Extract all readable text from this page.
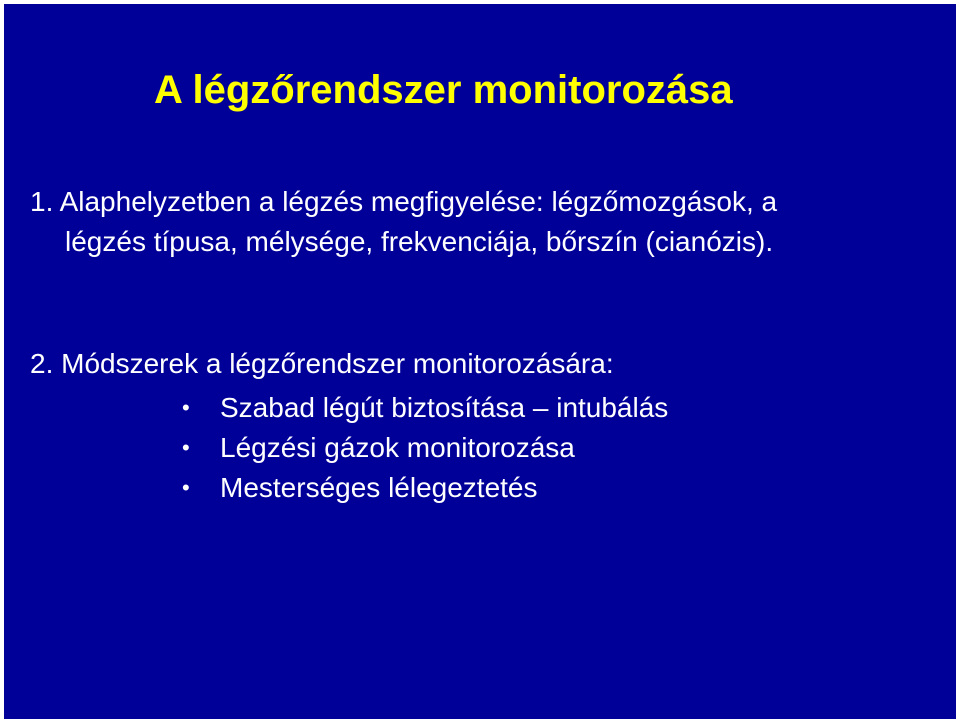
A légzőrendszer monitorozása
1. Alaphelyzetben a légzés megfigyelése: légzőmozgások, a
légzés típusa, mélysége, frekvenciája, bőrszín (cianózis).
2. Módszerek a légzőrendszer monitorozására:
• Szabad légút biztosítása – intubálás
• Légzési gázok monitorozása
• Mesterséges lélegeztetés
